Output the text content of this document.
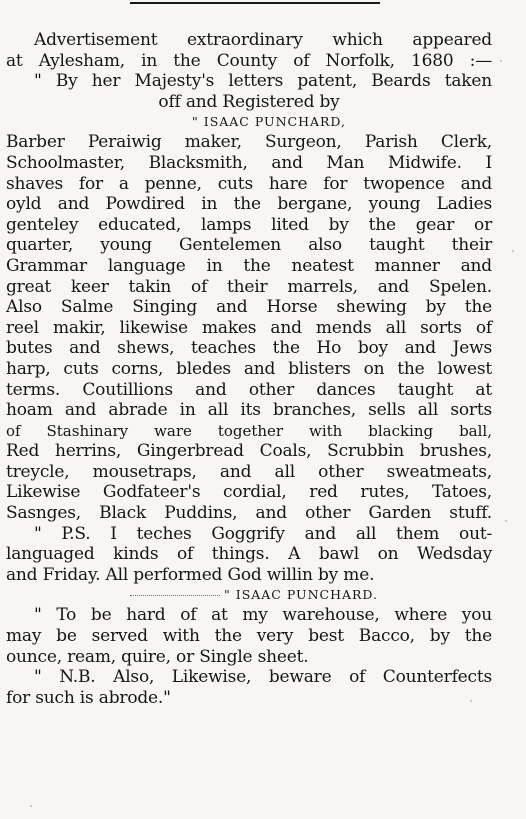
Advertisement extraordinary which appeared
at Aylesham, in the County of Norfolk, 1680 :—
" By her Majesty's letters patent, Beards taken
off and Registered by
" ISAAC PUNCHARD,
Barber Peraiwig maker, Surgeon, Parish Clerk,
Schoolmaster, Blacksmith, and Man Midwife. I
shaves for a penne, cuts hare for twopence and
oyld and Powdired in the bergane, young Ladies
genteley educated, lamps lited by the gear or
quarter, young Gentelemen also taught their
Grammar language in the neatest manner and
great keer takin of their marrels, and Spelen.
Also Salme Singing and Horse shewing by the
reel makir, likewise makes and mends all sorts of
butes and shews, teaches the Ho boy and Jews
harp, cuts corns, bledes and blisters on the lowest
terms. Coutillions and other dances taught at
hoam and abrade in all its branches, sells all sorts
of Stashinary ware together with blacking ball,
Red herrins, Gingerbread Coals, Scrubbin brushes,
treycle, mousetraps, and all other sweatmeats,
Likewise Godfateer's cordial, red rutes, Tatoes,
Sasnges, Black Puddins, and other Garden stuff.
" P.S. I teches Goggrify and all them out-
languaged kinds of things. A bawl on Wedsday
and Friday. All performed God willin by me.
" ISAAC PUNCHARD.
" To be hard of at my warehouse, where you
may be served with the very best Bacco, by the
ounce, ream, quire, or Single sheet.
" N.B. Also, Likewise, beware of Counterfects
for such is abrode."
